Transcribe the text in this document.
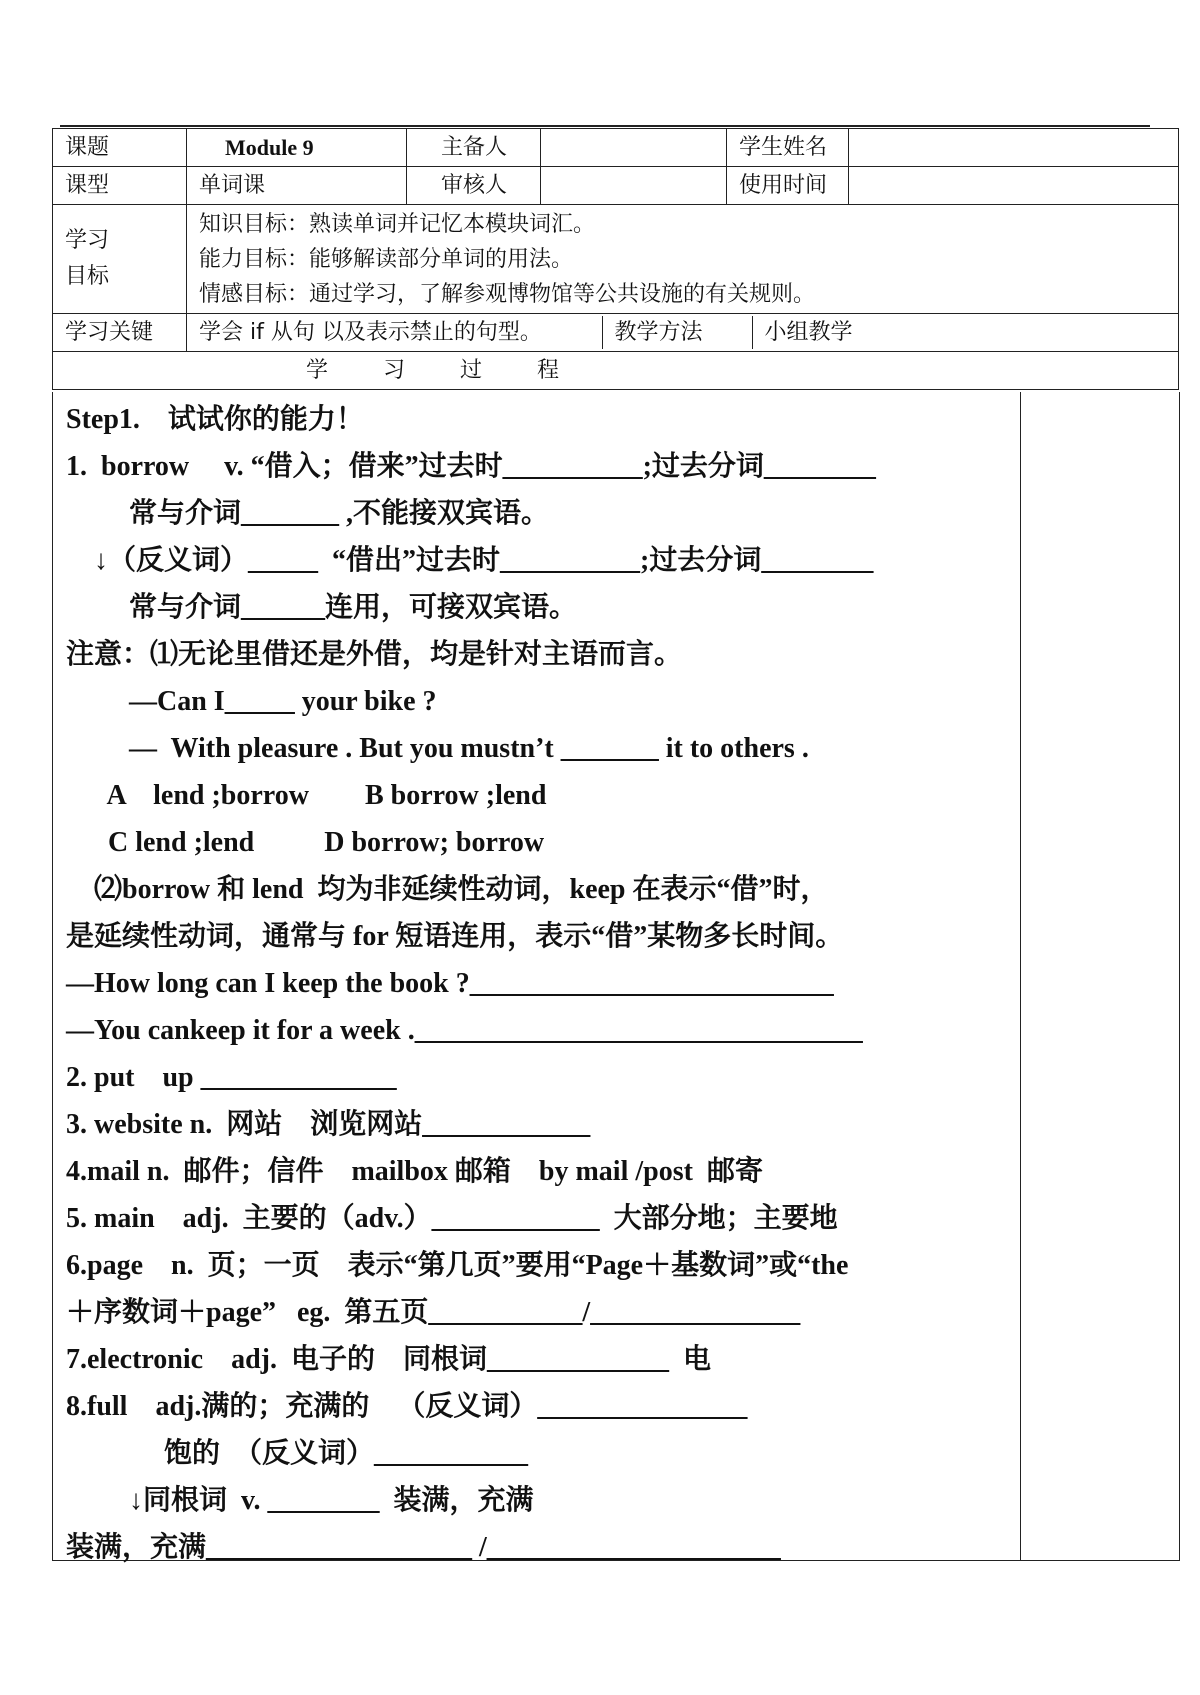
课题	Module 9	主备人		学生姓名	
课型	单词课	审核人		使用时间	

学习
目标

知识目标：熟读单词并记忆本模块词汇。
能力目标：能够解读部分单词的用法。
情感目标：通过学习，了解参观博物馆等公共设施的有关规则。

学习关键	学会 if 从句 以及表示禁止的句型。	教学方法	小组教学

学 习 过 程
Step1.    试试你的能力！
1.  borrow     v. “借入；借来”过去时__________;过去分词________
常与介词_______ ,不能接双宾语。
↓（反义词）_____  “借出”过去时__________;过去分词________
常与介词______连用，可接双宾语。
注意：⑴无论里借还是外借，均是针对主语而言。
—Can I_____ your bike ?
—  With pleasure . But you mustn’t _______ it to others .
A    lend ;borrow        B borrow ;lend
C lend ;lend          D borrow; borrow
⑵borrow 和 lend  均为非延续性动词，keep 在表示“借”时，
是延续性动词，通常与 for 短语连用，表示“借”某物多长时间。
—How long can I keep the book ?__________________________
—You cankeep it for a week .________________________________
2. put    up ______________
3. website n.  网站    浏览网站____________
4.mail n.  邮件；信件    mailbox 邮箱    by mail /post  邮寄
5. main    adj.  主要的（adv.）____________  大部分地；主要地
6.page    n.  页；一页    表示“第几页”要用“Page＋基数词”或“the
＋序数词＋page”   eg.  第五页___________/_______________
7.electronic    adj.  电子的    同根词_____________  电
8.full    adj.满的；充满的    （反义词）_______________
饱的  （反义词）___________
↓同根词  v. ________  装满，充满
装满，充满___________________ /_____________________
